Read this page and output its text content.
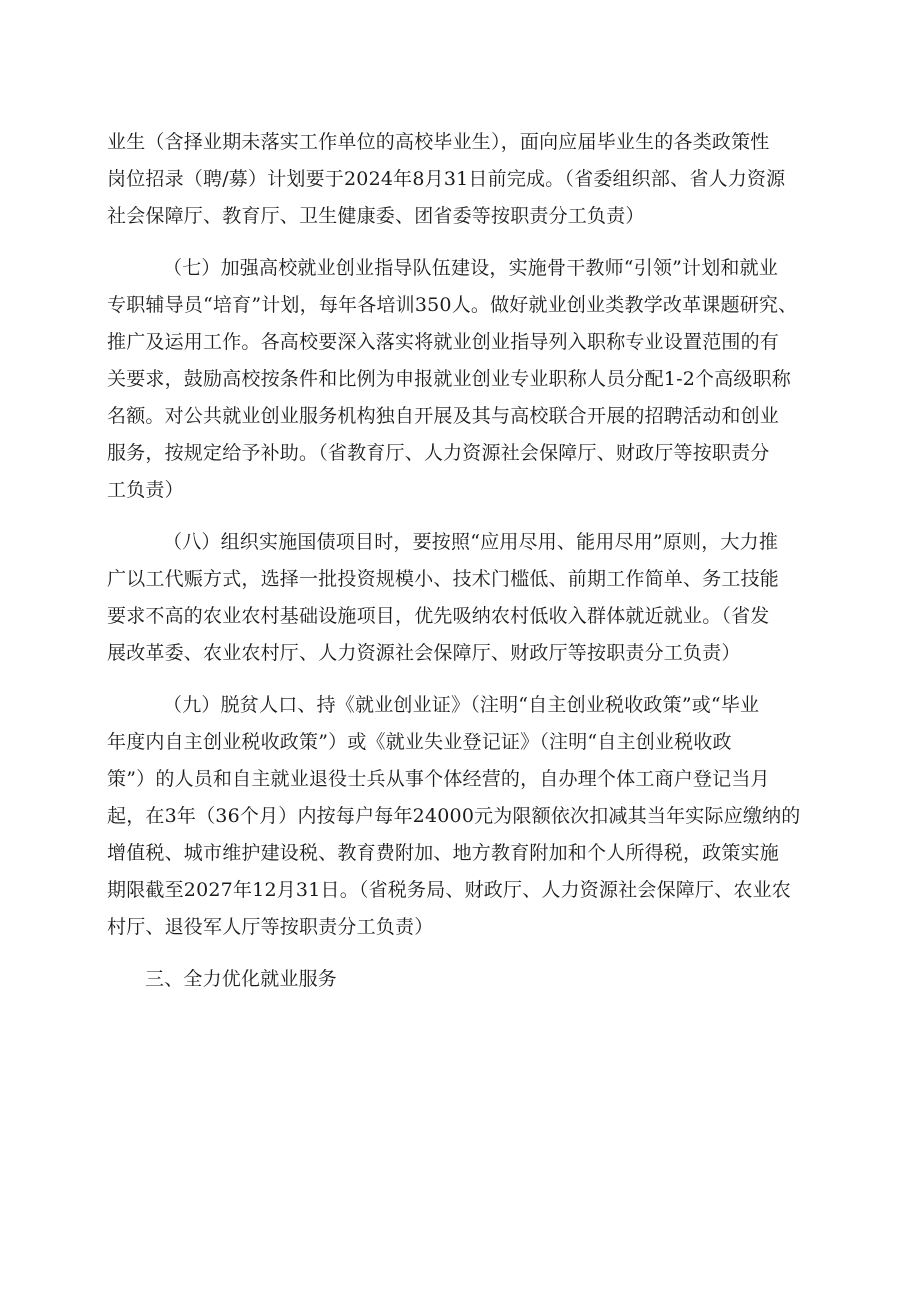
业生（含择业期未落实工作单位的高校毕业生），面向应届毕业生的各类政策性
岗位招录（聘/募）计划要于2024年8月31日前完成。（省委组织部、省人力资源
社会保障厅、教育厅、卫生健康委、团省委等按职责分工负责）
（七）加强高校就业创业指导队伍建设，实施骨干教师“引领”计划和就业
专职辅导员“培育”计划，每年各培训350人。做好就业创业类教学改革课题研究、
推广及运用工作。各高校要深入落实将就业创业指导列入职称专业设置范围的有
关要求，鼓励高校按条件和比例为申报就业创业专业职称人员分配1-2个高级职称
名额。对公共就业创业服务机构独自开展及其与高校联合开展的招聘活动和创业
服务，按规定给予补助。（省教育厅、人力资源社会保障厅、财政厅等按职责分
工负责）
（八）组织实施国债项目时，要按照“应用尽用、能用尽用”原则，大力推
广以工代赈方式，选择一批投资规模小、技术门槛低、前期工作简单、务工技能
要求不高的农业农村基础设施项目，优先吸纳农村低收入群体就近就业。（省发
展改革委、农业农村厅、人力资源社会保障厅、财政厅等按职责分工负责）
（九）脱贫人口、持《就业创业证》（注明“自主创业税收政策”或“毕业
年度内自主创业税收政策”）或《就业失业登记证》（注明“自主创业税收政
策”）的人员和自主就业退役士兵从事个体经营的，自办理个体工商户登记当月
起，在3年（36个月）内按每户每年24000元为限额依次扣减其当年实际应缴纳的
增值税、城市维护建设税、教育费附加、地方教育附加和个人所得税，政策实施
期限截至2027年12月31日。（省税务局、财政厅、人力资源社会保障厅、农业农
村厅、退役军人厅等按职责分工负责）
三、全力优化就业服务
